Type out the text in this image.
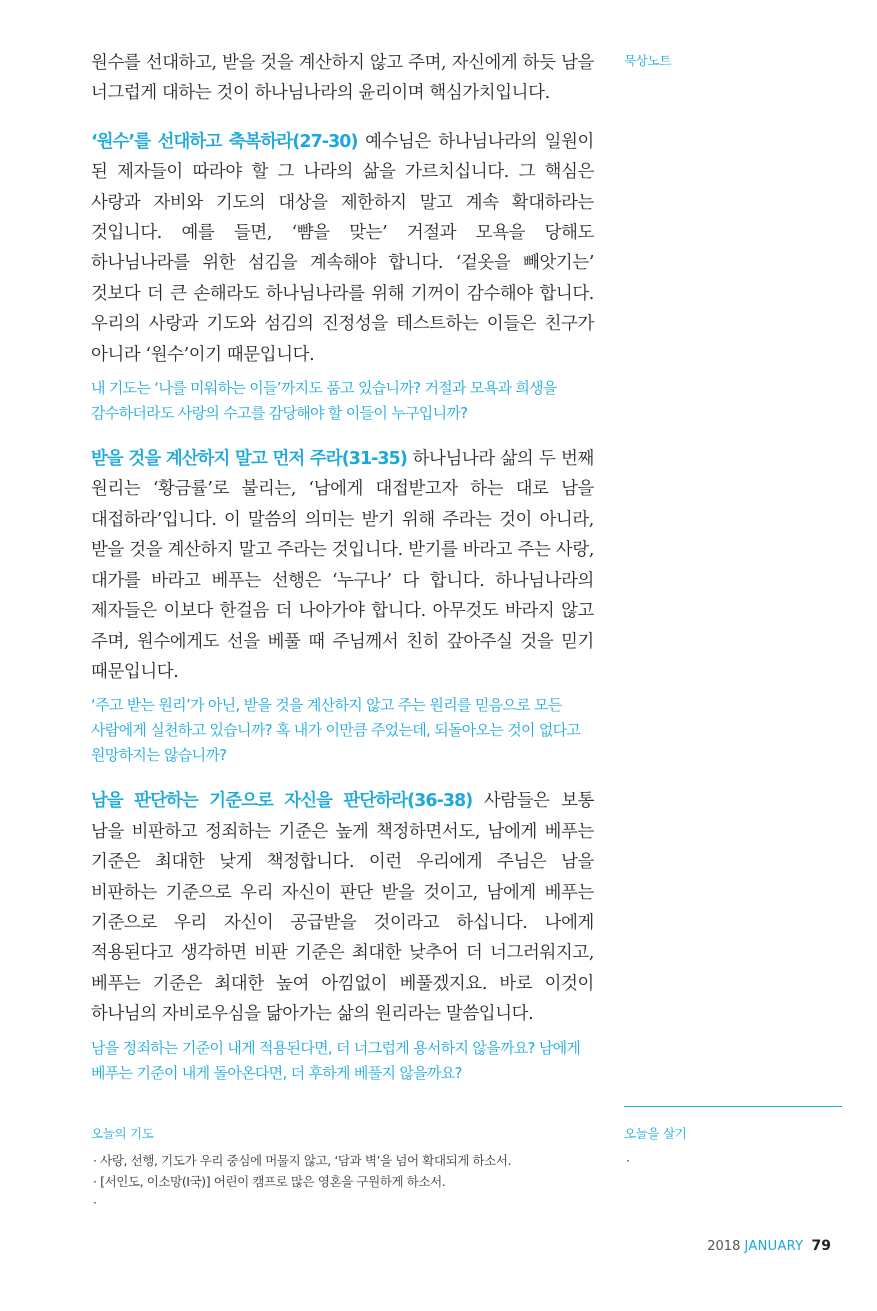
원수를 선대하고, 받을 것을 계산하지 않고 주며, 자신에게 하듯 남을 너그럽게 대하는 것이 하나님나라의 윤리이며 핵심가치입니다.

‘원수’를 선대하고 축복하라(27-30) 예수님은 하나님나라의 일원이 된 제자들이 따라야 할 그 나라의 삶을 가르치십니다. 그 핵심은 사랑과 자비와 기도의 대상을 제한하지 말고 계속 확대하라는 것입니다. 예를 들면, ‘뺨을 맞는’ 거절과 모욕을 당해도 하나님나라를 위한 섬김을 계속해야 합니다. ‘겉옷을 빼앗기는’ 것보다 더 큰 손해라도 하나님나라를 위해 기꺼이 감수해야 합니다. 우리의 사랑과 기도와 섬김의 진정성을 테스트하는 이들은 친구가 아니라 ‘원수’이기 때문입니다.

내 기도는 ‘나를 미워하는 이들’까지도 품고 있습니까? 거절과 모욕과 희생을 감수하더라도 사랑의 수고를 감당해야 할 이들이 누구입니까?

받을 것을 계산하지 말고 먼저 주라(31-35) 하나님나라 삶의 두 번째 원리는 ‘황금률’로 불리는, ‘남에게 대접받고자 하는 대로 남을 대접하라’입니다. 이 말씀의 의미는 받기 위해 주라는 것이 아니라, 받을 것을 계산하지 말고 주라는 것입니다. 받기를 바라고 주는 사랑, 대가를 바라고 베푸는 선행은 ‘누구나’ 다 합니다. 하나님나라의 제자들은 이보다 한걸음 더 나아가야 합니다. 아무것도 바라지 않고 주며, 원수에게도 선을 베풀 때 주님께서 친히 갚아주실 것을 믿기 때문입니다.

‘주고 받는 원리’가 아닌, 받을 것을 계산하지 않고 주는 원리를 믿음으로 모든 사람에게 실천하고 있습니까? 혹 내가 이만큼 주었는데, 되돌아오는 것이 없다고 원망하지는 않습니까?

남을 판단하는 기준으로 자신을 판단하라(36-38) 사람들은 보통 남을 비판하고 정죄하는 기준은 높게 책정하면서도, 남에게 베푸는 기준은 최대한 낮게 책정합니다. 이런 우리에게 주님은 남을 비판하는 기준으로 우리 자신이 판단 받을 것이고, 남에게 베푸는 기준으로 우리 자신이 공급받을 것이라고 하십니다. 나에게 적용된다고 생각하면 비판 기준은 최대한 낮추어 더 너그러워지고, 베푸는 기준은 최대한 높여 아낌없이 베풀겠지요. 바로 이것이 하나님의 자비로우심을 닮아가는 삶의 원리라는 말씀입니다.

남을 정죄하는 기준이 내게 적용된다면, 더 너그럽게 용서하지 않을까요? 남에게 베푸는 기준이 내게 돌아온다면, 더 후하게 베풀지 않을까요?

묵상노트
오늘의 기도
· 사랑, 선행, 기도가 우리 중심에 머물지 않고, ‘담과 벽’을 넘어 확대되게 하소서.
· [서인도, 이소망(I국)] 어린이 캠프로 많은 영혼을 구원하게 하소서.
·
오늘을 살기
·
2018 JANUARY 79
